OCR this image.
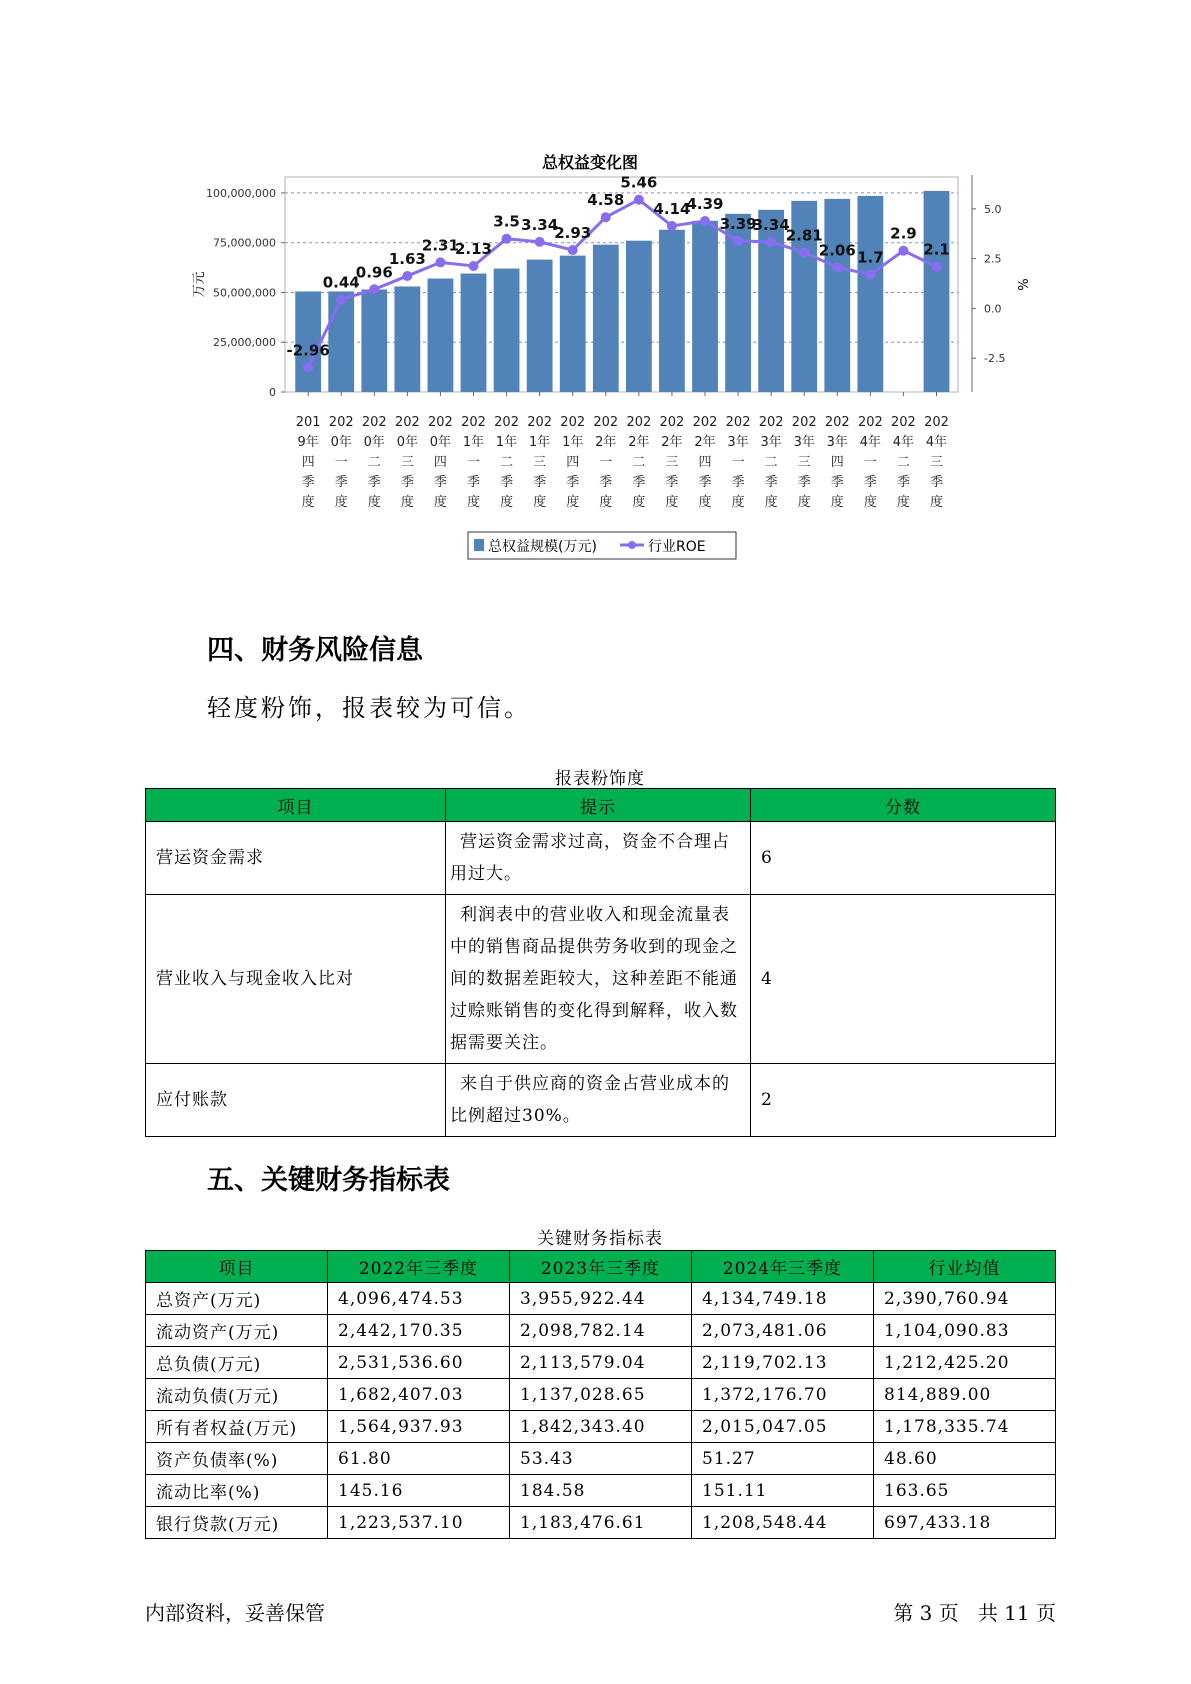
总权益变化图
0
25,000,000
50,000,000
75,000,000
100,000,000
-2.5
0.0
2.5
5.0
万元	%
-2.96
0.44
0.96
1.63
2.31
2.13
3.5 3.34
2.93
4.58
5.46
4.14
4.39
3.39
3.34
2.81
2.06 1.7
2.9
2.1
201
9年
四
季
度
202
0年
一
季
度
202
0年
二
季
度
202
0年
三
季
度
202
0年
四
季
度
202
1年
一
季
度
202
1年
二
季
度
202
1年
三
季
度
202
1年
四
季
度
202
2年
一
季
度
202
2年
二
季
度
202
2年
三
季
度
202
2年
四
季
度
202
3年
一
季
度
202
3年
二
季
度
202
3年
三
季
度
202
3年
四
季
度
202
4年
一
季
度
202
4年
二
季
度
202
4年
三
季
度
总权益规模(万元)	行业ROE
四、财务风险信息
轻度粉饰，报表较为可信。
报表粉饰度
项目	提示	分数
营运资金需求	营运资金需求过高，资金不合理占用过大。	6
营业收入与现金收入比对	利润表中的营业收入和现金流量表中的销售商品提供劳务收到的现金之间的数据差距较大，这种差距不能通过赊账销售的变化得到解释，收入数据需要关注。	4
应付账款	来自于供应商的资金占营业成本的比例超过30%。	2
五、关键财务指标表
关键财务指标表
项目	2022年三季度	2023年三季度	2024年三季度	行业均值
总资产(万元)	4,096,474.53	3,955,922.44	4,134,749.18	2,390,760.94
流动资产(万元)	2,442,170.35	2,098,782.14	2,073,481.06	1,104,090.83
总负债(万元)	2,531,536.60	2,113,579.04	2,119,702.13	1,212,425.20
流动负债(万元)	1,682,407.03	1,137,028.65	1,372,176.70	814,889.00
所有者权益(万元)	1,564,937.93	1,842,343.40	2,015,047.05	1,178,335.74
资产负债率(%)	61.80	53.43	51.27	48.60
流动比率(%)	145.16	184.58	151.11	163.65
银行贷款(万元)	1,223,537.10	1,183,476.61	1,208,548.44	697,433.18
内部资料，妥善保管	第 3 页   共 11 页
